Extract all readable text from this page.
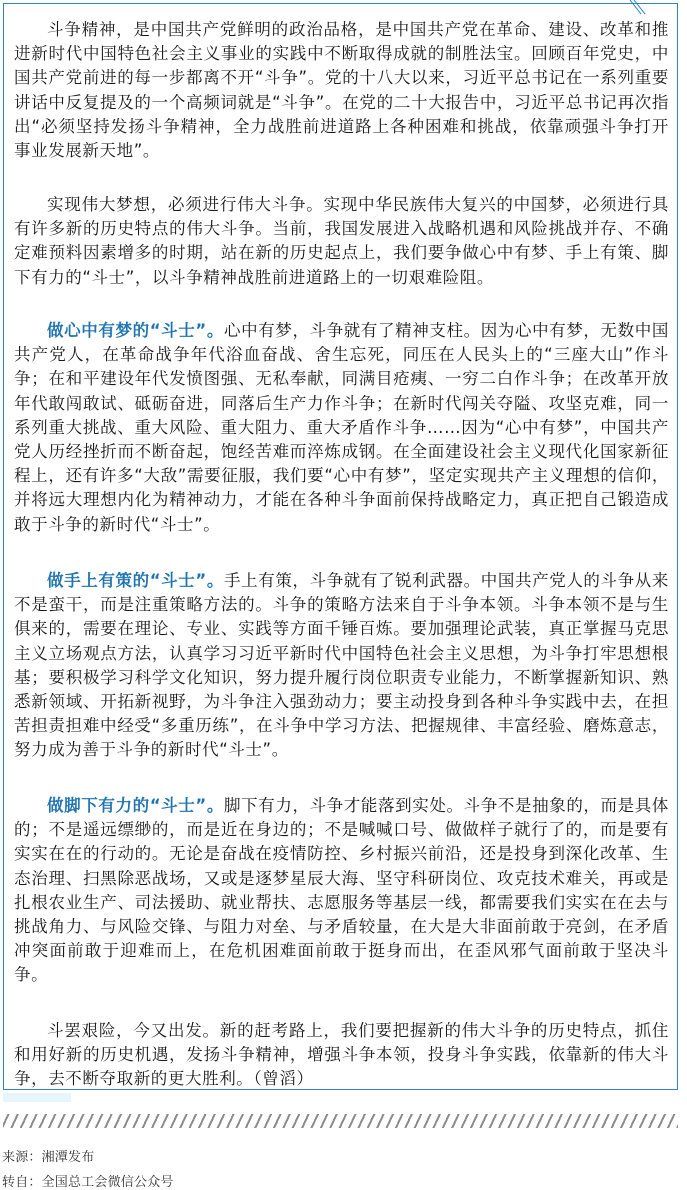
斗争精神，是中国共产党鲜明的政治品格，是中国共产党在革命、建设、改革和推进新时代中国特色社会主义事业的实践中不断取得成就的制胜法宝。回顾百年党史，中国共产党前进的每一步都离不开“斗争”。党的十八大以来，习近平总书记在一系列重要讲话中反复提及的一个高频词就是“斗争”。在党的二十大报告中，习近平总书记再次指出“必须坚持发扬斗争精神，全力战胜前进道路上各种困难和挑战，依靠顽强斗争打开事业发展新天地”。

实现伟大梦想，必须进行伟大斗争。实现中华民族伟大复兴的中国梦，必须进行具有许多新的历史特点的伟大斗争。当前，我国发展进入战略机遇和风险挑战并存、不确定难预料因素增多的时期，站在新的历史起点上，我们要争做心中有梦、手上有策、脚下有力的“斗士”，以斗争精神战胜前进道路上的一切艰难险阻。

做心中有梦的“斗士”。心中有梦，斗争就有了精神支柱。因为心中有梦，无数中国共产党人，在革命战争年代浴血奋战、舍生忘死，同压在人民头上的“三座大山”作斗争；在和平建设年代发愤图强、无私奉献，同满目疮痍、一穷二白作斗争；在改革开放年代敢闯敢试、砥砺奋进，同落后生产力作斗争；在新时代闯关夺隘、攻坚克难，同一系列重大挑战、重大风险、重大阻力、重大矛盾作斗争……因为“心中有梦”，中国共产党人历经挫折而不断奋起，饱经苦难而淬炼成钢。在全面建设社会主义现代化国家新征程上，还有许多“大敌”需要征服，我们要“心中有梦”，坚定实现共产主义理想的信仰，并将远大理想内化为精神动力，才能在各种斗争面前保持战略定力，真正把自己锻造成敢于斗争的新时代“斗士”。

做手上有策的“斗士”。手上有策，斗争就有了锐利武器。中国共产党人的斗争从来不是蛮干，而是注重策略方法的。斗争的策略方法来自于斗争本领。斗争本领不是与生俱来的，需要在理论、专业、实践等方面千锤百炼。要加强理论武装，真正掌握马克思主义立场观点方法，认真学习习近平新时代中国特色社会主义思想，为斗争打牢思想根基；要积极学习科学文化知识，努力提升履行岗位职责专业能力，不断掌握新知识、熟悉新领域、开拓新视野，为斗争注入强劲动力；要主动投身到各种斗争实践中去，在担苦担责担难中经受“多重历练”，在斗争中学习方法、把握规律、丰富经验、磨炼意志，努力成为善于斗争的新时代“斗士”。

做脚下有力的“斗士”。脚下有力，斗争才能落到实处。斗争不是抽象的，而是具体的；不是遥远缥缈的，而是近在身边的；不是喊喊口号、做做样子就行了的，而是要有实实在在的行动的。无论是奋战在疫情防控、乡村振兴前沿，还是投身到深化改革、生态治理、扫黑除恶战场，又或是逐梦星辰大海、坚守科研岗位、攻克技术难关，再或是扎根农业生产、司法援助、就业帮扶、志愿服务等基层一线，都需要我们实实在在去与挑战角力、与风险交锋、与阻力对垒、与矛盾较量，在大是大非面前敢于亮剑，在矛盾冲突面前敢于迎难而上，在危机困难面前敢于挺身而出，在歪风邪气面前敢于坚决斗争。

斗罢艰险，今又出发。新的赶考路上，我们要把握新的伟大斗争的历史特点，抓住和用好新的历史机遇，发扬斗争精神，增强斗争本领，投身斗争实践，依靠新的伟大斗争，去不断夺取新的更大胜利。（曾滔）

来源：湘潭发布
转自：全国总工会微信公众号
